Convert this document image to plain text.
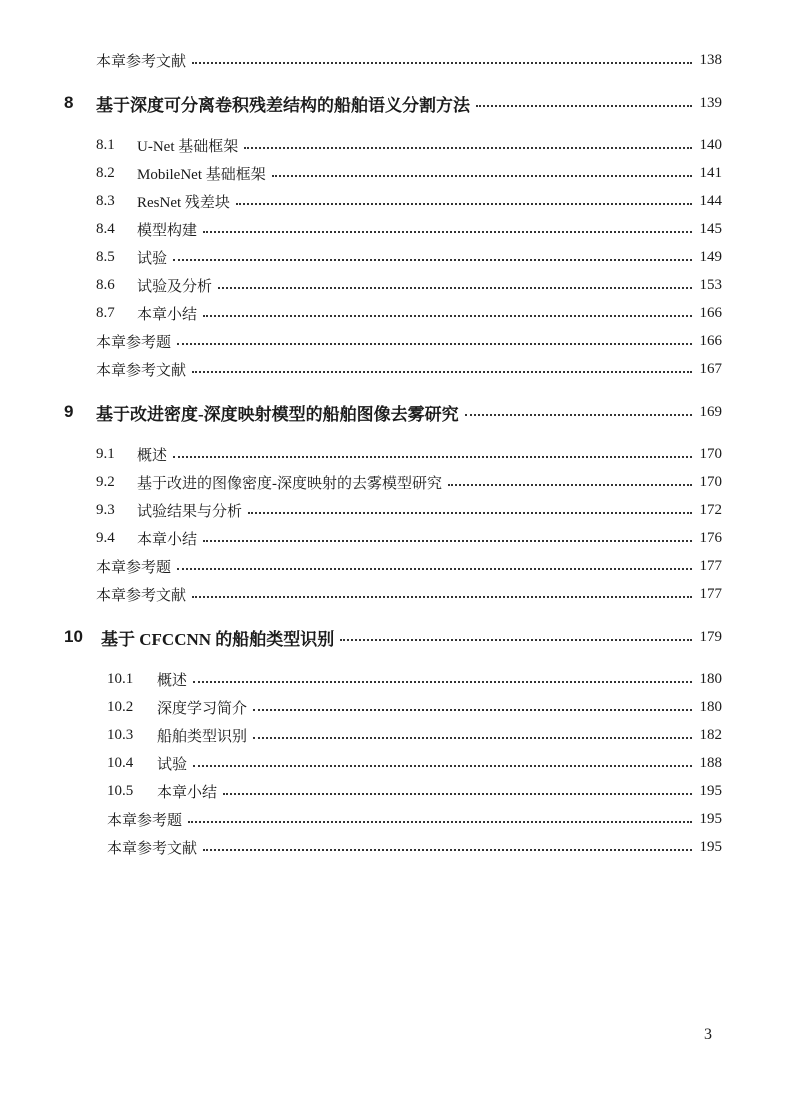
本章参考文献	138
8	基于深度可分离卷积残差结构的船舶语义分割方法	139
8.1	U-Net 基础框架	140
8.2	MobileNet 基础框架	141
8.3	ResNet 残差块	144
8.4	模型构建	145
8.5	试验	149
8.6	试验及分析	153
8.7	本章小结	166
本章参考题	166
本章参考文献	167
9	基于改进密度-深度映射模型的船舶图像去雾研究	169
9.1	概述	170
9.2	基于改进的图像密度-深度映射的去雾模型研究	170
9.3	试验结果与分析	172
9.4	本章小结	176
本章参考题	177
本章参考文献	177
10	基于 CFCCNN 的船舶类型识别	179
10.1	概述	180
10.2	深度学习简介	180
10.3	船舶类型识别	182
10.4	试验	188
10.5	本章小结	195
本章参考题	195
本章参考文献	195
3
